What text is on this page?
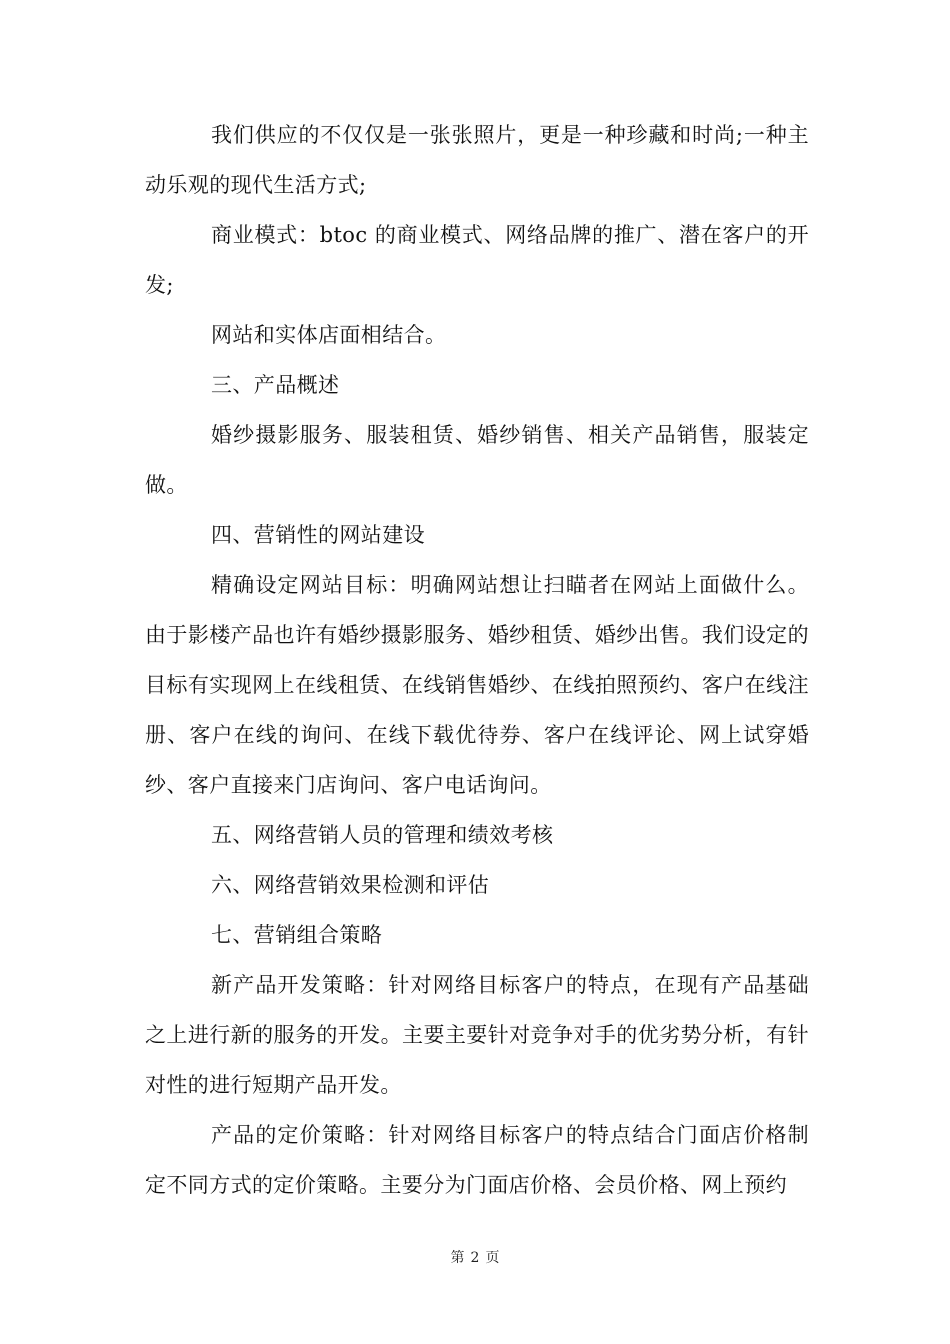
我们供应的不仅仅是一张张照片，更是一种珍藏和时尚;一种主动乐观的现代生活方式;

商业模式：btoc 的商业模式、网络品牌的推广、潜在客户的开发;

网站和实体店面相结合。

三、产品概述

婚纱摄影服务、服装租赁、婚纱销售、相关产品销售，服装定做。

四、营销性的网站建设

精确设定网站目标：明确网站想让扫瞄者在网站上面做什么。由于影楼产品也许有婚纱摄影服务、婚纱租赁、婚纱出售。我们设定的目标有实现网上在线租赁、在线销售婚纱、在线拍照预约、客户在线注册、客户在线的询问、在线下载优待券、客户在线评论、网上试穿婚纱、客户直接来门店询问、客户电话询问。

五、网络营销人员的管理和绩效考核

六、网络营销效果检测和评估

七、营销组合策略

新产品开发策略：针对网络目标客户的特点，在现有产品基础之上进行新的服务的开发。主要主要针对竞争对手的优劣势分析，有针对性的进行短期产品开发。

产品的定价策略：针对网络目标客户的特点结合门面店价格制定不同方式的定价策略。主要分为门面店价格、会员价格、网上预约

第 2 页
